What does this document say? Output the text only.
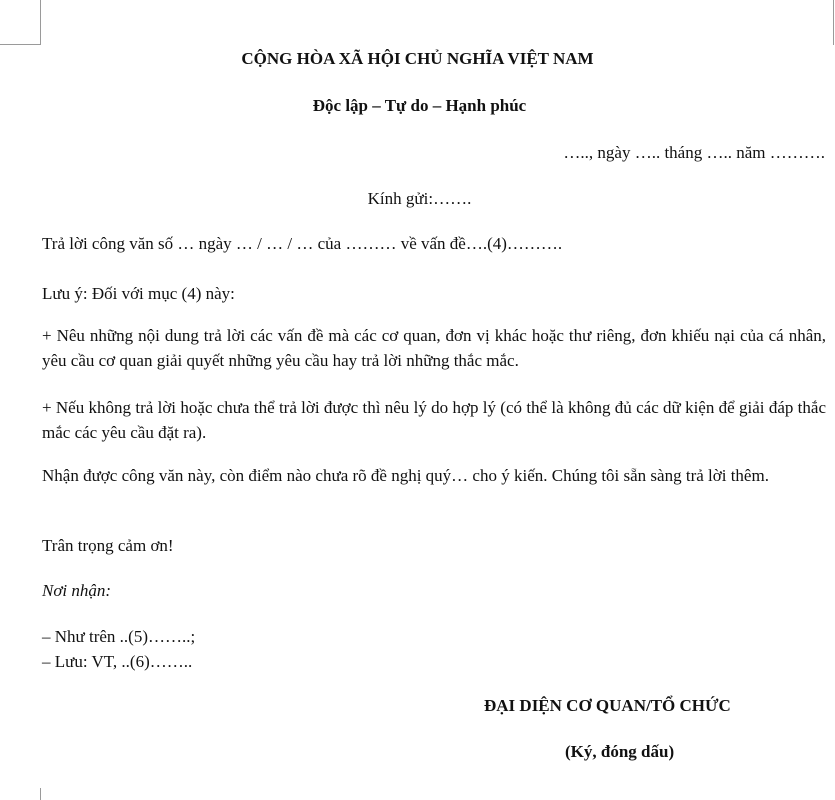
CỘNG HÒA XÃ HỘI CHỦ NGHĨA VIỆT NAM
Độc lập – Tự do – Hạnh phúc
….., ngày ….. tháng ….. năm ……….
Kính gửi:…….
Trả lời công văn số … ngày … / … / … của ……… về vấn đề….(4)……….
Lưu ý: Đối với mục (4) này:
+ Nêu những nội dung trả lời các vấn đề mà các cơ quan, đơn vị khác hoặc thư riêng, đơn khiếu nại của cá nhân, yêu cầu cơ quan giải quyết những yêu cầu hay trả lời những thắc mắc.
+ Nếu không trả lời hoặc chưa thể trả lời được thì nêu lý do hợp lý (có thể là không đủ các dữ kiện để giải đáp thắc mắc các yêu cầu đặt ra).
Nhận được công văn này, còn điểm nào chưa rõ đề nghị quý… cho ý kiến. Chúng tôi sẵn sàng trả lời thêm.
Trân trọng cảm ơn!
Nơi nhận:
– Như trên ..(5)……..;
– Lưu: VT, ..(6)……..
ĐẠI DIỆN CƠ QUAN/TỔ CHỨC
(Ký, đóng dấu)
